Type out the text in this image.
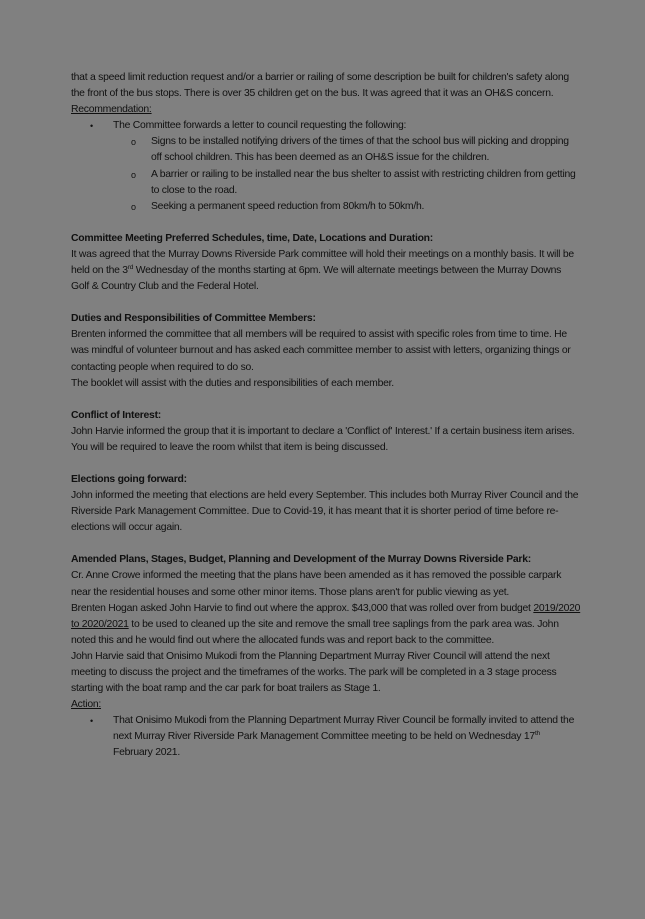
that a speed limit reduction request and/or a barrier or railing of some description be built for children's safety along the front of the bus stops. There is over 35 children get on the bus. It was agreed that it was an OH&S concern.

Recommendation:

• The Committee forwards a letter to council requesting the following:
o Signs to be installed notifying drivers of the times of that the school bus will picking and dropping off school children. This has been deemed as an OH&S issue for the children.
o A barrier or railing to be installed near the bus shelter to assist with restricting children from getting to close to the road.
o Seeking a permanent speed reduction from 80km/h to 50km/h.

Committee Meeting Preferred Schedules, time, Date, Locations and Duration:

It was agreed that the Murray Downs Riverside Park committee will hold their meetings on a monthly basis. It will be held on the 3rd Wednesday of the months starting at 6pm. We will alternate meetings between the Murray Downs Golf & Country Club and the Federal Hotel.

Duties and Responsibilities of Committee Members:

Brenten informed the committee that all members will be required to assist with specific roles from time to time. He was mindful of volunteer burnout and has asked each committee member to assist with letters, organizing things or contacting people when required to do so.

The booklet will assist with the duties and responsibilities of each member.

Conflict of Interest:

John Harvie informed the group that it is important to declare a 'Conflict of' Interest.' If a certain business item arises. You will be required to leave the room whilst that item is being discussed.

Elections going forward:

John informed the meeting that elections are held every September. This includes both Murray River Council and the Riverside Park Management Committee. Due to Covid-19, it has meant that it is shorter period of time before re-elections will occur again.

Amended Plans, Stages, Budget, Planning and Development of the Murray Downs Riverside Park:

Cr. Anne Crowe informed the meeting that the plans have been amended as it has removed the possible carpark near the residential houses and some other minor items. Those plans aren't for public viewing as yet.

Brenten Hogan asked John Harvie to find out where the approx. $43,000 that was rolled over from budget 2019/2020 to 2020/2021 to be used to cleaned up the site and remove the small tree saplings from the park area was. John noted this and he would find out where the allocated funds was and report back to the committee.

John Harvie said that Onisimo Mukodi from the Planning Department Murray River Council will attend the next meeting to discuss the project and the timeframes of the works. The park will be completed in a 3 stage process starting with the boat ramp and the car park for boat trailers as Stage 1.

Action:

• That Onisimo Mukodi from the Planning Department Murray River Council be formally invited to attend the next Murray River Riverside Park Management Committee meeting to be held on Wednesday 17th February 2021.
